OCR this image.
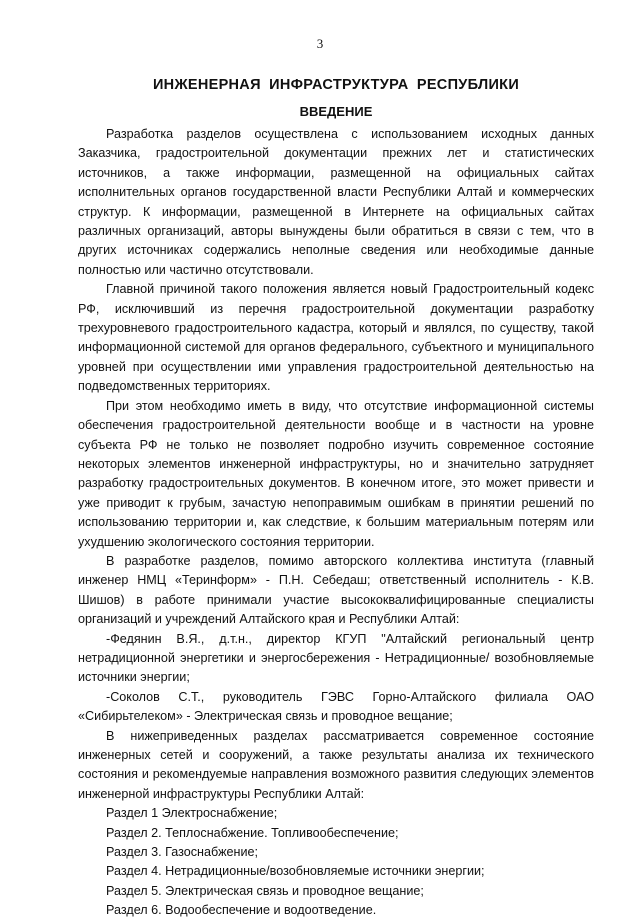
3
ИНЖЕНЕРНАЯ ИНФРАСТРУКТУРА РЕСПУБЛИКИ
ВВЕДЕНИЕ

Разработка разделов осуществлена с использованием исходных данных Заказчика, градостроительной документации прежних лет и статистических источников, а также информации, размещенной на официальных сайтах исполнительных органов государственной власти Республики Алтай и коммерческих структур. К информации, размещенной в Интернете на официальных сайтах различных организаций, авторы вынуждены были обратиться в связи с тем, что в других источниках содержались неполные сведения или необходимые данные полностью или частично отсутствовали.

Главной причиной такого положения является новый Градостроительный кодекс РФ, исключивший из перечня градостроительной документации разработку трехуровневого градостроительного кадастра, который и являлся, по существу, такой информационной системой для органов федерального, субъектного и муниципального уровней при осуществлении ими управления градостроительной деятельностью на подведомственных территориях.

При этом необходимо иметь в виду, что отсутствие информационной системы обеспечения градостроительной деятельности вообще и в частности на уровне субъекта РФ не только не позволяет подробно изучить современное состояние некоторых элементов инженерной инфраструктуры, но и значительно затрудняет разработку градостроительных документов. В конечном итоге, это может привести и уже приводит к грубым, зачастую непоправимым ошибкам в принятии решений по использованию территории и, как следствие, к большим материальным потерям или ухудшению экологического состояния территории.

В разработке разделов, помимо авторского коллектива института (главный инженер НМЦ «Теринформ» - П.Н. Себедаш; ответственный исполнитель - К.В. Шишов) в работе принимали участие высококвалифицированные специалисты организаций и учреждений Алтайского края и Республики Алтай:

-Федянин В.Я., д.т.н., директор КГУП "Алтайский региональный центр нетрадиционной энергетики и энергосбережения - Нетрадиционные/ возобновляемые источники энергии;

-Соколов С.Т., руководитель ГЭВС Горно-Алтайского филиала ОАО «Сибирьтелеком» - Электрическая связь и проводное вещание;

В нижеприведенных разделах рассматривается современное состояние инженерных сетей и сооружений, а также результаты анализа их технического состояния и рекомендуемые направления возможного развития следующих элементов инженерной инфраструктуры Республики Алтай:

Раздел 1 Электроснабжение;
Раздел 2. Теплоснабжение. Топливообеспечение;
Раздел 3. Газоснабжение;
Раздел 4. Нетрадиционные/возобновляемые источники энергии;
Раздел 5. Электрическая связь и проводное вещание;
Раздел 6. Водообеспечение и водоотведение.
